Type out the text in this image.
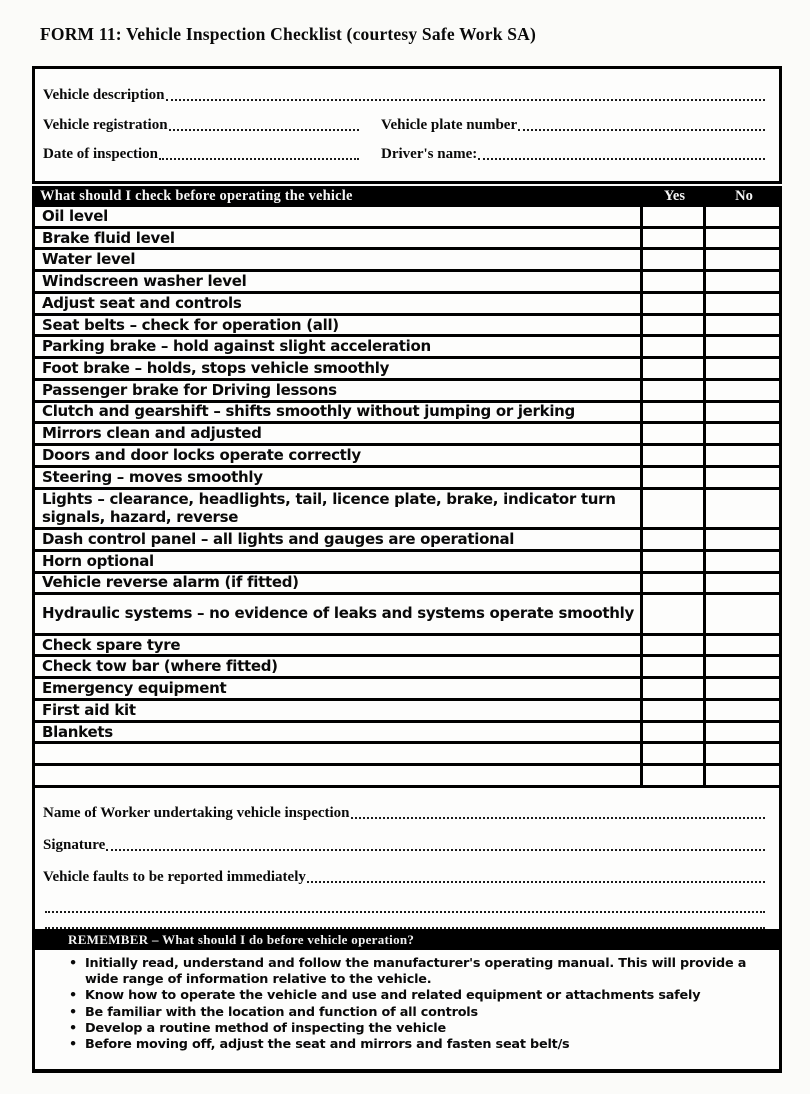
FORM 11: Vehicle Inspection Checklist (courtesy Safe Work SA)
Vehicle description
Vehicle registration	Vehicle plate number
Date of inspection	Driver's name:
What should I check before operating the vehicle	Yes	No
Oil level
Brake fluid level
Water level
Windscreen washer level
Adjust seat and controls
Seat belts – check for operation (all)
Parking brake – hold against slight acceleration
Foot brake – holds, stops vehicle smoothly
Passenger brake for Driving lessons
Clutch and gearshift – shifts smoothly without jumping or jerking
Mirrors clean and adjusted
Doors and door locks operate correctly
Steering – moves smoothly
Lights – clearance, headlights, tail, licence plate, brake, indicator turn signals, hazard, reverse
Dash control panel – all lights and gauges are operational
Horn optional
Vehicle reverse alarm (if fitted)
Hydraulic systems – no evidence of leaks and systems operate smoothly
Check spare tyre
Check tow bar (where fitted)
Emergency equipment
First aid kit
Blankets
Name of Worker undertaking vehicle inspection
Signature
Vehicle faults to be reported immediately
REMEMBER – What should I do before vehicle operation?
• Initially read, understand and follow the manufacturer's operating manual. This will provide a wide range of information relative to the vehicle.
• Know how to operate the vehicle and use and related equipment or attachments safely
• Be familiar with the location and function of all controls
• Develop a routine method of inspecting the vehicle
• Before moving off, adjust the seat and mirrors and fasten seat belt/s
